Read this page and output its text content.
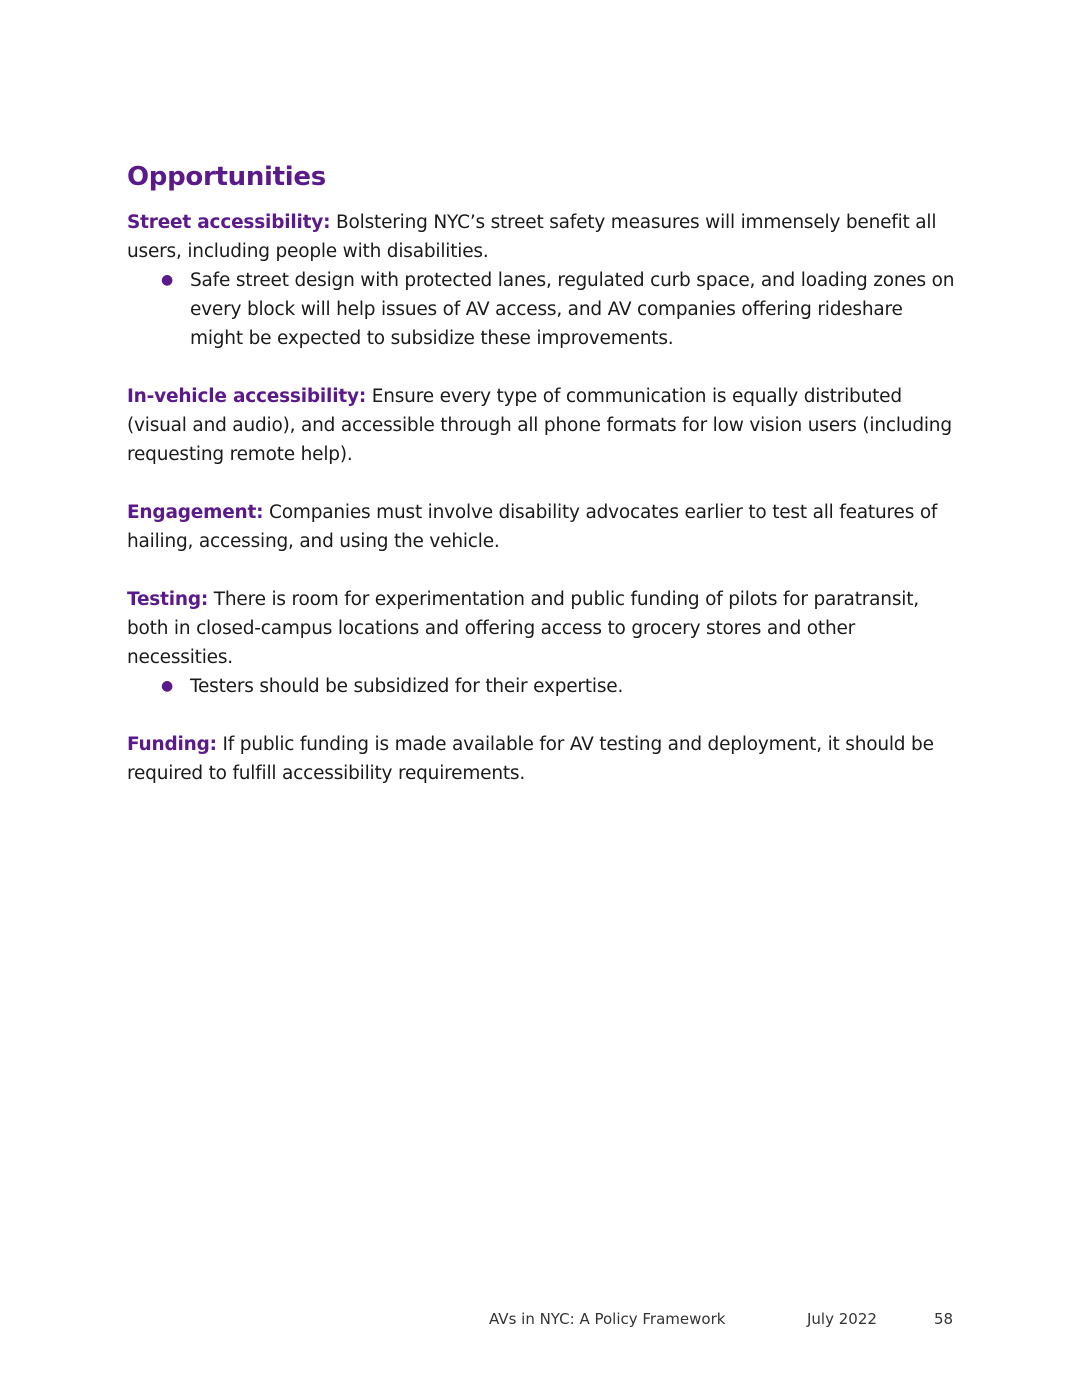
Opportunities

Street accessibility: Bolstering NYC’s street safety measures will immensely benefit all users, including people with disabilities.

● Safe street design with protected lanes, regulated curb space, and loading zones on every block will help issues of AV access, and AV companies offering rideshare might be expected to subsidize these improvements.

In-vehicle accessibility: Ensure every type of communication is equally distributed (visual and audio), and accessible through all phone formats for low vision users (including requesting remote help).

Engagement: Companies must involve disability advocates earlier to test all features of hailing, accessing, and using the vehicle.

Testing: There is room for experimentation and public funding of pilots for paratransit, both in closed-campus locations and offering access to grocery stores and other necessities.

● Testers should be subsidized for their expertise.

Funding: If public funding is made available for AV testing and deployment, it should be required to fulfill accessibility requirements.

AVs in NYC: A Policy Framework	July 2022	58
